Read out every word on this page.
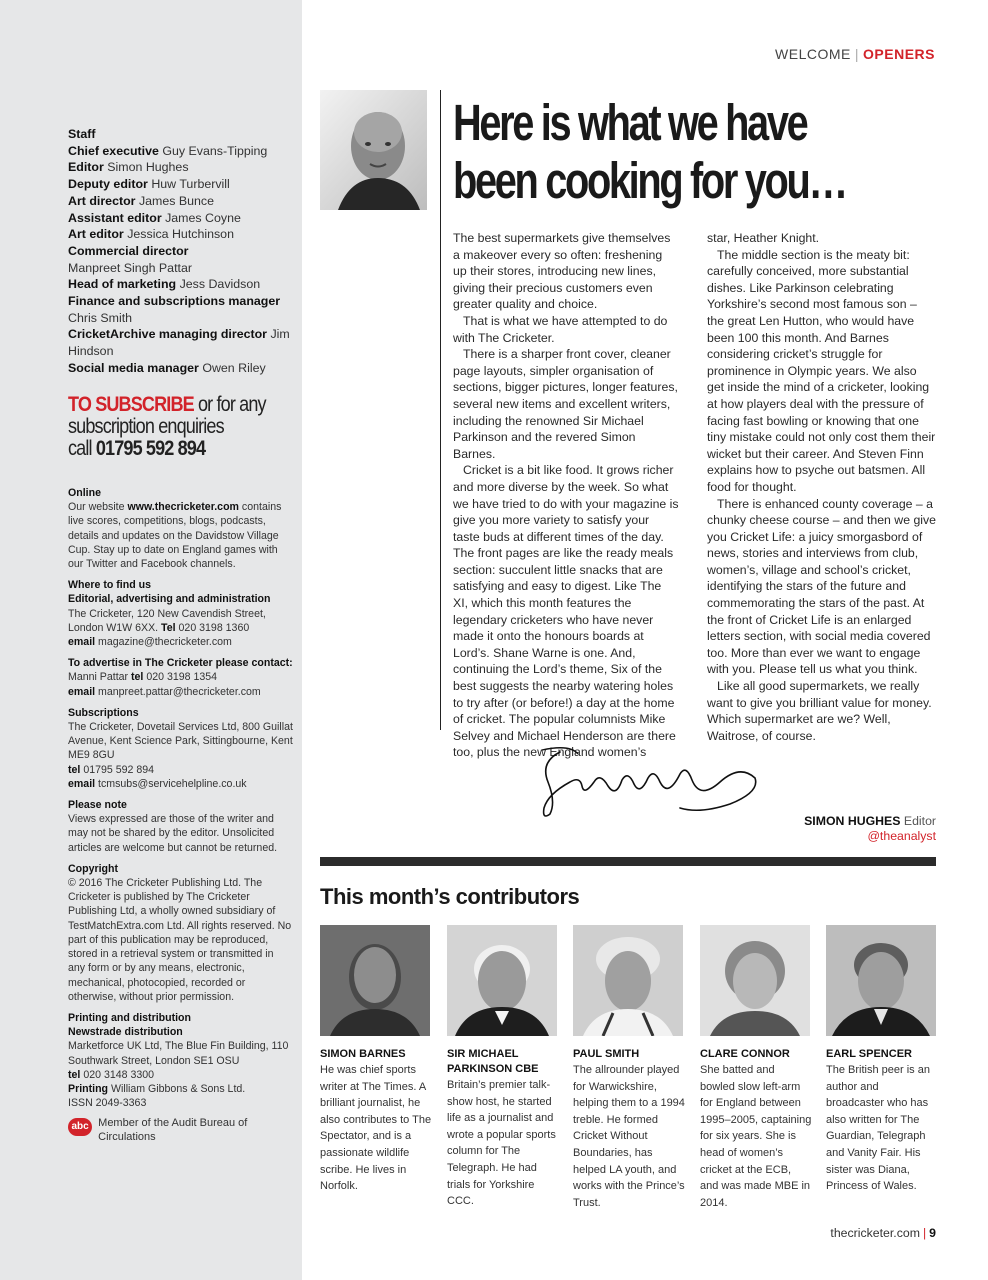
Staff
Chief executive Guy Evans-Tipping
Editor Simon Hughes
Deputy editor Huw Turbervill
Art director James Bunce
Assistant editor James Coyne
Art editor Jessica Hutchinson
Commercial director
Manpreet Singh Pattar
Head of marketing Jess Davidson
Finance and subscriptions manager
Chris Smith
CricketArchive managing director Jim Hindson
Social media manager Owen Riley
TO SUBSCRIBE or for any
subscription enquiries
call 01795 592 894
Online
Our website www.thecricketer.com contains live scores, competitions, blogs, podcasts, details and updates on the Davidstow Village Cup. Stay up to date on England games with our Twitter and Facebook channels.
Where to find us
Editorial, advertising and administration
The Cricketer, 120 New Cavendish Street, London W1W 6XX. Tel 020 3198 1360
email magazine@thecricketer.com
To advertise in The Cricketer please contact:
Manni Pattar tel 020 3198 1354
email manpreet.pattar@thecricketer.com
Subscriptions
The Cricketer, Dovetail Services Ltd, 800 Guillat Avenue, Kent Science Park, Sittingbourne, Kent ME9 8GU
tel 01795 592 894
email tcmsubs@servicehelpline.co.uk
Please note
Views expressed are those of the writer and may not be shared by the editor. Unsolicited articles are welcome but cannot be returned.
Copyright
© 2016 The Cricketer Publishing Ltd. The Cricketer is published by The Cricketer Publishing Ltd, a wholly owned subsidiary of TestMatchExtra.com Ltd. All rights reserved. No part of this publication may be reproduced, stored in a retrieval system or transmitted in any form or by any means, electronic, mechanical, photocopied, recorded or otherwise, without prior permission.
Printing and distribution
Newstrade distribution
Marketforce UK Ltd, The Blue Fin Building, 110 Southwark Street, London SE1 OSU
tel 020 3148 3300
Printing William Gibbons & Sons Ltd.
ISSN 2049-3363
abc Member of the Audit Bureau of Circulations
WELCOME | OPENERS
Here is what we have been cooking for you…

The best supermarkets give themselves a makeover every so often: freshening up their stores, introducing new lines, giving their precious customers even greater quality and choice.

That is what we have attempted to do with The Cricketer.

There is a sharper front cover, cleaner page layouts, simpler organisation of sections, bigger pictures, longer features, several new items and excellent writers, including the renowned Sir Michael Parkinson and the revered Simon Barnes.

Cricket is a bit like food. It grows richer and more diverse by the week. So what we have tried to do with your magazine is give you more variety to satisfy your taste buds at different times of the day. The front pages are like the ready meals section: succulent little snacks that are satisfying and easy to digest. Like The XI, which this month features the legendary cricketers who have never made it onto the honours boards at Lord’s. Shane Warne is one. And, continuing the Lord’s theme, Six of the best suggests the nearby watering holes to try after (or before!) a day at the home of cricket. The popular columnists Mike Selvey and Michael Henderson are there too, plus the new England women’s

star, Heather Knight.

The middle section is the meaty bit: carefully conceived, more substantial dishes. Like Parkinson celebrating Yorkshire’s second most famous son – the great Len Hutton, who would have been 100 this month. And Barnes considering cricket’s struggle for prominence in Olympic years. We also get inside the mind of a cricketer, looking at how players deal with the pressure of facing fast bowling or knowing that one tiny mistake could not only cost them their wicket but their career. And Steven Finn explains how to psyche out batsmen. All food for thought.

There is enhanced county coverage – a chunky cheese course – and then we give you Cricket Life: a juicy smorgasbord of news, stories and interviews from club, women’s, village and school’s cricket, identifying the stars of the future and commemorating the stars of the past. At the front of Cricket Life is an enlarged letters section, with social media covered too. More than ever we want to engage with you. Please tell us what you think.

Like all good supermarkets, we really want to give you brilliant value for money. Which supermarket are we? Well, Waitrose, of course.

SIMON HUGHES Editor
@theanalyst
This month’s contributors
SIMON BARNES
He was chief sports writer at The Times. A brilliant journalist, he also contributes to The Spectator, and is a passionate wildlife scribe. He lives in Norfolk.
SIR MICHAEL PARKINSON CBE
Britain’s premier talk-show host, he started life as a journalist and wrote a popular sports column for The Telegraph. He had trials for Yorkshire CCC.
PAUL SMITH
The allrounder played for Warwickshire, helping them to a 1994 treble. He formed Cricket Without Boundaries, has helped LA youth, and works with the Prince’s Trust.
CLARE CONNOR
She batted and bowled slow left-arm for England between 1995–2005, captaining for six years. She is head of women’s cricket at the ECB, and was made MBE in 2014.
EARL SPENCER
The British peer is an author and broadcaster who has also written for The Guardian, Telegraph and Vanity Fair. His sister was Diana, Princess of Wales.
thecricketer.com | 9
